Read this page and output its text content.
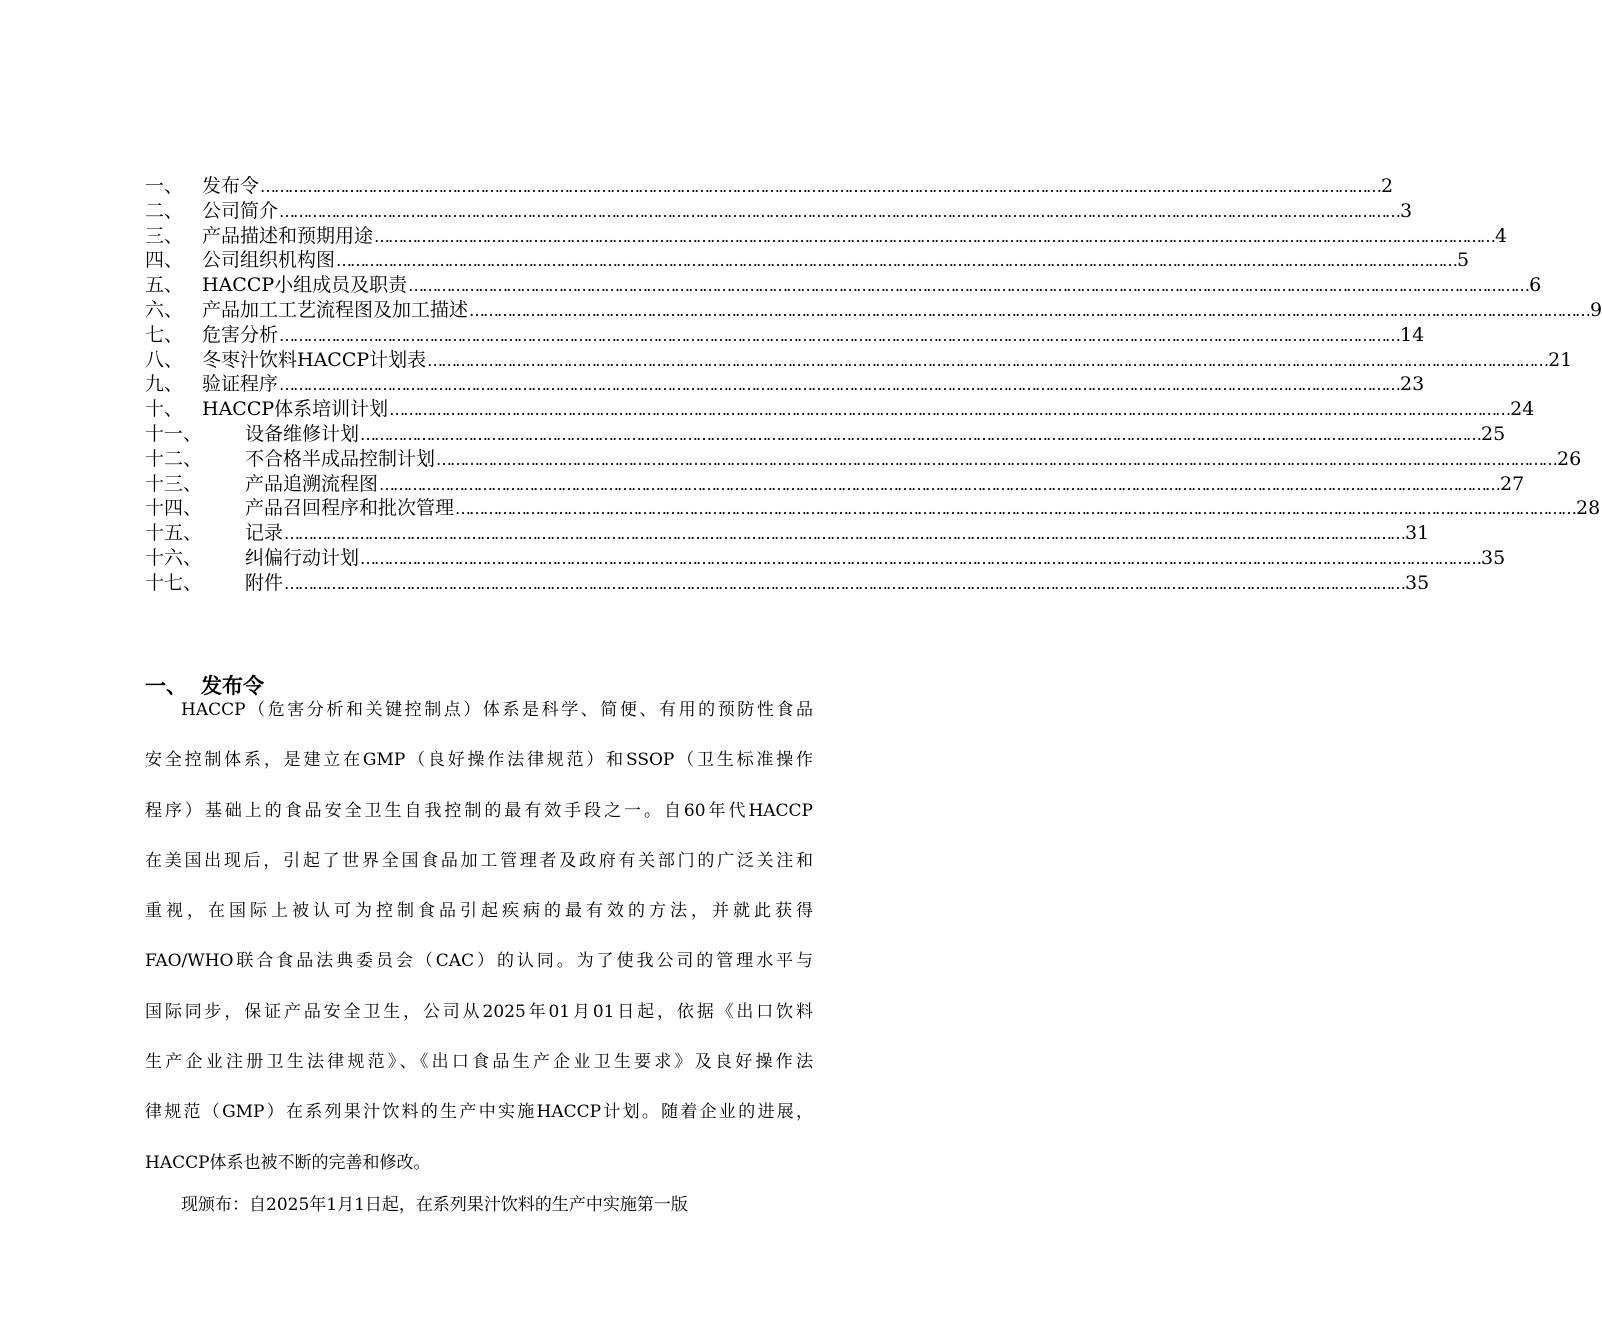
一、 发布令 …………………………………………………………………………………………………………………………………………………………………………………………………………………… 2
二、 公司简介 …………………………………………………………………………………………………………………………………………………………………………………………………………………… 3
三、 产品描述和预期用途 …………………………………………………………………………………………………………………………………………………………………………………………………………………… 4
四、 公司组织机构图 …………………………………………………………………………………………………………………………………………………………………………………………………………………… 5
五、 HACCP小组成员及职责 …………………………………………………………………………………………………………………………………………………………………………………………………………………… 6
六、 产品加工工艺流程图及加工描述 …………………………………………………………………………………………………………………………………………………………………………………………………………………… 9
七、 危害分析 …………………………………………………………………………………………………………………………………………………………………………………………………………………… 14
八、 冬枣汁饮料HACCP计划表 …………………………………………………………………………………………………………………………………………………………………………………………………………………… 21
九、 验证程序 …………………………………………………………………………………………………………………………………………………………………………………………………………………… 23
十、 HACCP体系培训计划 …………………………………………………………………………………………………………………………………………………………………………………………………………………… 24
十一、	设备维修计划 …………………………………………………………………………………………………………………………………………………………………………………………………………………… 25
十二、	不合格半成品控制计划 …………………………………………………………………………………………………………………………………………………………………………………………………………………… 26
十三、	产品追溯流程图 …………………………………………………………………………………………………………………………………………………………………………………………………………………… 27
十四、	产品召回程序和批次管理 …………………………………………………………………………………………………………………………………………………………………………………………………………………… 28
十五、	记录 …………………………………………………………………………………………………………………………………………………………………………………………………………………… 31
十六、	纠偏行动计划 …………………………………………………………………………………………………………………………………………………………………………………………………………………… 35
十七、	附件 …………………………………………………………………………………………………………………………………………………………………………………………………………………… 35
一、 发布令
HACCP（危害分析和关键控制点）体系是科学、简便、有用的预防性食品
安全控制体系，是建立在GMP（良好操作法律规范）和SSOP（卫生标准操作
程序）基础上的食品安全卫生自我控制的最有效手段之一。自60年代HACCP
在美国出现后，引起了世界全国食品加工管理者及政府有关部门的广泛关注和
重视，在国际上被认可为控制食品引起疾病的最有效的方法，并就此获得
FAO/WHO联合食品法典委员会（CAC）的认同。为了使我公司的管理水平与
国际同步，保证产品安全卫生，公司从2025年01月01日起，依据《出口饮料
生产企业注册卫生法律规范》、《出口食品生产企业卫生要求》及良好操作法
律规范（GMP）在系列果汁饮料的生产中实施HACCP计划。随着企业的进展，
HACCP体系也被不断的完善和修改。
现颁布：自2025年1月1日起，在系列果汁饮料的生产中实施第一版
